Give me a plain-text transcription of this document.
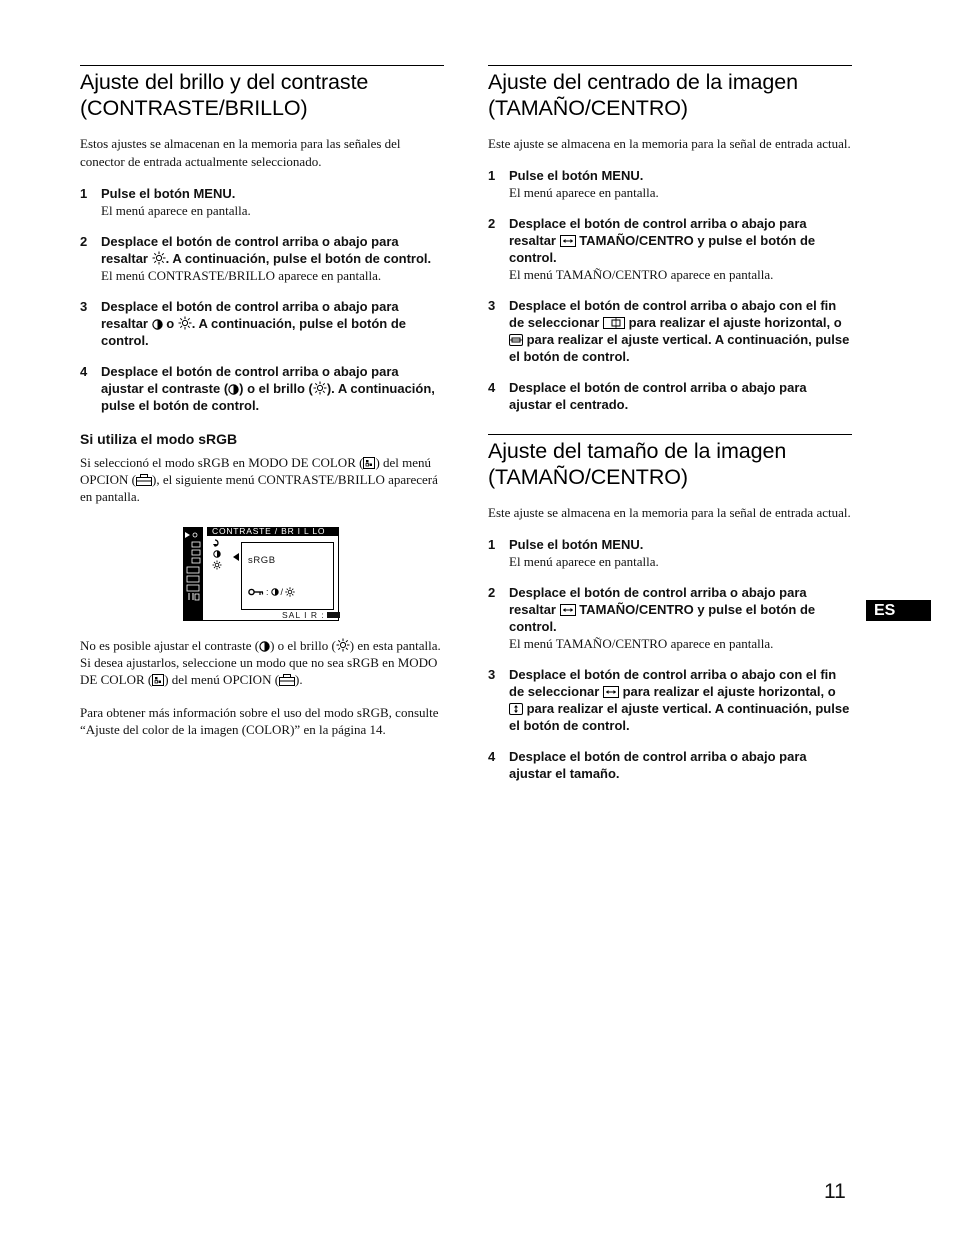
Ajuste del brillo y del contraste
(CONTRASTE/BRILLO)

Estos ajustes se almacenan en la memoria para las señales del conector de entrada actualmente seleccionado.

1 Pulse el botón MENU.

El menú aparece en pantalla.

2 Desplace el botón de control arriba o abajo para resaltar
. A continuación, pulse el botón de control.

El menú CONTRASTE/BRILLO aparece en pantalla.

3 Desplace el botón de control arriba o abajo para resaltar
o
. A continuación, pulse el botón de control.

4 Desplace el botón de control arriba o abajo para ajustar el contraste ( ) o el brillo ( ). A continuación, pulse el botón de control.

Si utiliza el modo sRGB

Si seleccionó el modo sRGB en MODO DE COLOR ( ) del menú OPCION ( ), el siguiente menú CONTRASTE/BRILLO aparecerá en pantalla.

CONTRASTE / BR I L LO
sRGB
: /
SAL I R :

No es posible ajustar el contraste ( ) o el brillo ( ) en esta pantalla. Si desea ajustarlos, seleccione un modo que no sea sRGB en MODO DE COLOR ( ) del menú OPCION ( ).

Para obtener más información sobre el uso del modo sRGB, consulte “Ajuste del color de la imagen (COLOR)” en la página 14.

Ajuste del centrado de la imagen
(TAMAÑO/CENTRO)

Este ajuste se almacena en la memoria para la señal de entrada actual.

1 Pulse el botón MENU.

El menú aparece en pantalla.

2 Desplace el botón de control arriba o abajo para resaltar
TAMAÑO/CENTRO y pulse el botón de control.

El menú TAMAÑO/CENTRO aparece en pantalla.

3 Desplace el botón de control arriba o abajo con el fin de seleccionar
para realizar el ajuste horizontal, o
para realizar el ajuste vertical. A continuación, pulse el botón de control.

4 Desplace el botón de control arriba o abajo para ajustar el centrado.

Ajuste del tamaño de la imagen
(TAMAÑO/CENTRO)

Este ajuste se almacena en la memoria para la señal de entrada actual.

1 Pulse el botón MENU.

El menú aparece en pantalla.

2 Desplace el botón de control arriba o abajo para resaltar
TAMAÑO/CENTRO y pulse el botón de control.

El menú TAMAÑO/CENTRO aparece en pantalla.

3 Desplace el botón de control arriba o abajo con el fin de seleccionar
para realizar el ajuste horizontal, o
para realizar el ajuste vertical. A continuación, pulse el botón de control.

4 Desplace el botón de control arriba o abajo para ajustar el tamaño.

ES
11
